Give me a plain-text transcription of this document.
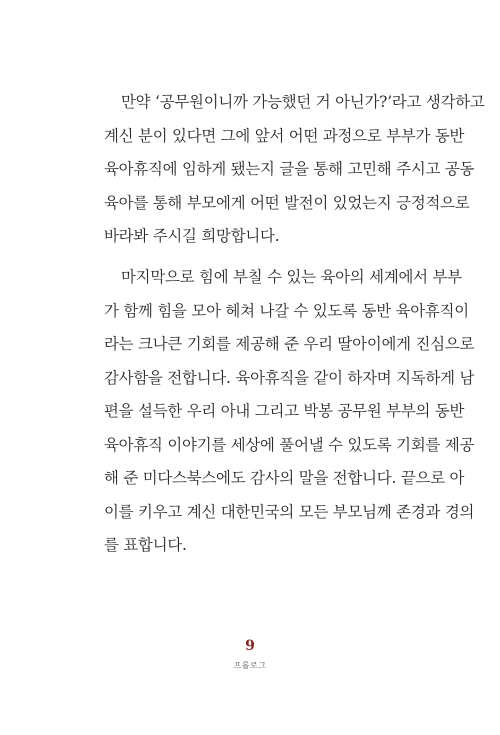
만약 ‘공무원이니까 가능했던 거 아닌가?’라고 생각하고
계신 분이 있다면 그에 앞서 어떤 과정으로 부부가 동반
육아휴직에 임하게 됐는지 글을 통해 고민해 주시고 공동
육아를 통해 부모에게 어떤 발전이 있었는지 긍정적으로
바라봐 주시길 희망합니다.
마지막으로 힘에 부칠 수 있는 육아의 세계에서 부부
가 함께 힘을 모아 헤쳐 나갈 수 있도록 동반 육아휴직이
라는 크나큰 기회를 제공해 준 우리 딸아이에게 진심으로
감사함을 전합니다. 육아휴직을 같이 하자며 지독하게 남
편을 설득한 우리 아내 그리고 박봉 공무원 부부의 동반
육아휴직 이야기를 세상에 풀어낼 수 있도록 기회를 제공
해 준 미다스북스에도 감사의 말을 전합니다. 끝으로 아
이를 키우고 계신 대한민국의 모든 부모님께 존경과 경의
를 표합니다.
9
프롤로그
